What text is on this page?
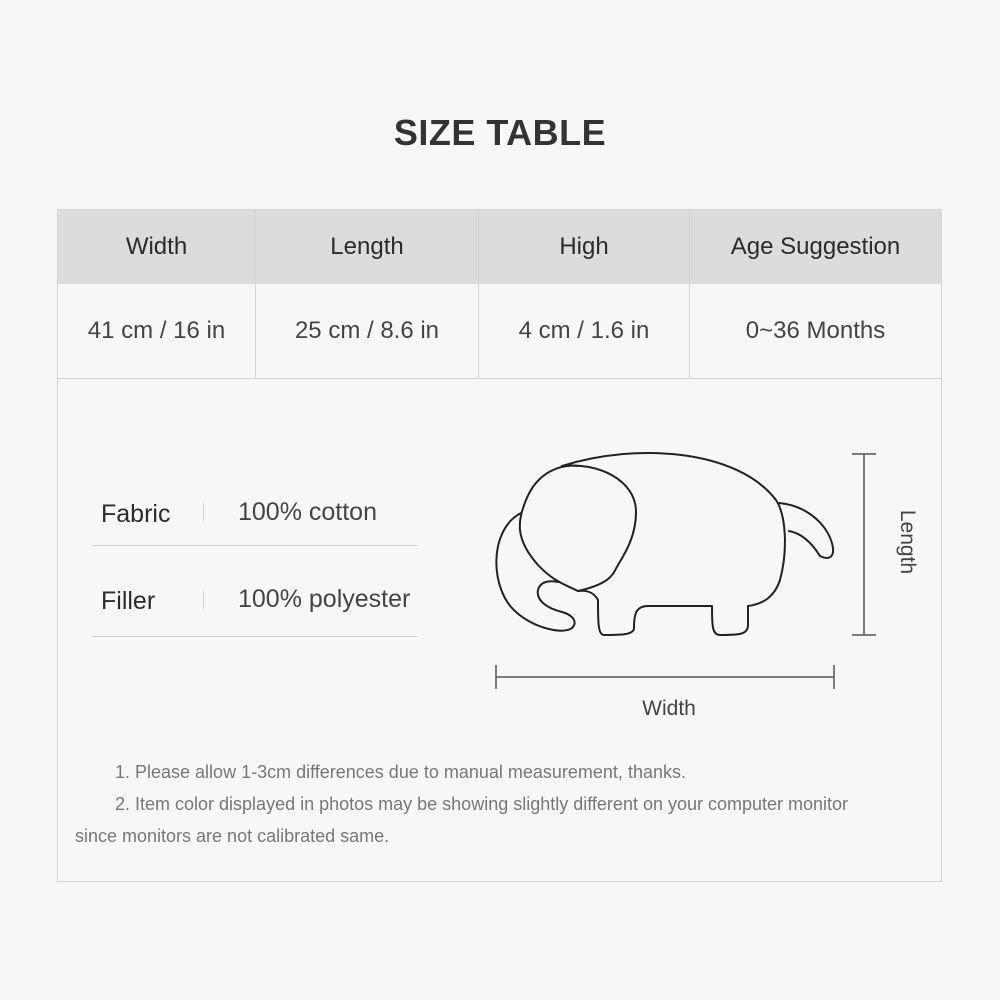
SIZE TABLE
Width	Length	High	Age Suggestion
41 cm / 16 in	25 cm / 8.6 in	4 cm / 1.6 in	0~36 Months
Fabric	100% cotton
Filler	100% polyester
Length
Width
1. Please allow 1-3cm differences due to manual measurement, thanks.
2. Item color displayed in photos may be showing slightly different on your computer monitor
since monitors are not calibrated same.
